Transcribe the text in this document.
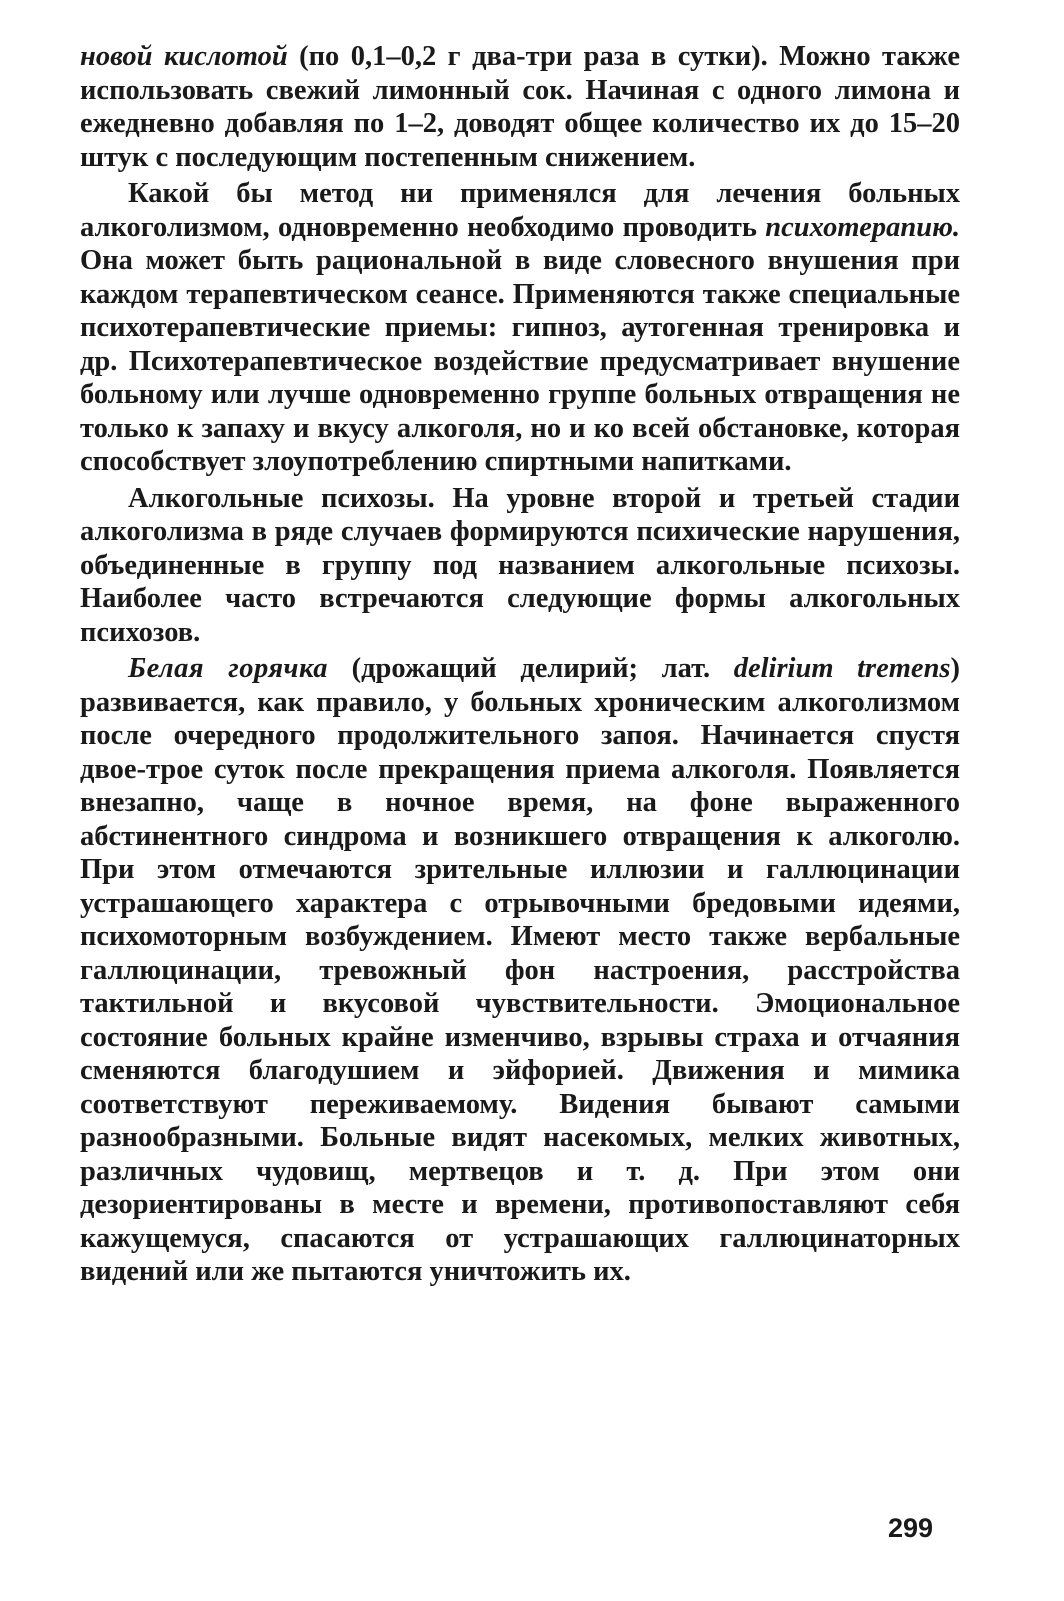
новой кислотой (по 0,1–0,2 г два-три раза в сутки). Можно также использовать свежий лимонный сок. Начиная с одного лимона и ежедневно добавляя по 1–2, доводят общее количество их до 15–20 штук с последующим постепенным снижением.

Какой бы метод ни применялся для лечения больных алкоголизмом, одновременно необходимо проводить психотерапию. Она может быть рациональной в виде словесного внушения при каждом терапевтическом сеансе. Применяются также специальные психотерапевтические приемы: гипноз, аутогенная тренировка и др. Психотерапевтическое воздействие предусматривает внушение больному или лучше одновременно группе больных отвращения не только к запаху и вкусу алкоголя, но и ко всей обстановке, которая способствует злоупотреблению спиртными напитками.

Алкогольные психозы. На уровне второй и третьей стадии алкоголизма в ряде случаев формируются психические нарушения, объединенные в группу под названием алкогольные психозы. Наиболее часто встречаются следующие формы алкогольных психозов.

Белая горячка (дрожащий делирий; лат. delirium tremens) развивается, как правило, у больных хроническим алкоголизмом после очередного продолжительного запоя. Начинается спустя двое-трое суток после прекращения приема алкоголя. Появляется внезапно, чаще в ночное время, на фоне выраженного абстинентного синдрома и возникшего отвращения к алкоголю. При этом отмечаются зрительные иллюзии и галлюцинации устрашающего характера с отрывочными бредовыми идеями, психомоторным возбуждением. Имеют место также вербальные галлюцинации, тревожный фон настроения, расстройства тактильной и вкусовой чувствительности. Эмоциональное состояние больных крайне изменчиво, взрывы страха и отчаяния сменяются благодушием и эйфорией. Движения и мимика соответствуют переживаемому. Видения бывают самыми разнообразными. Больные видят насекомых, мелких животных, различных чудовищ, мертвецов и т. д. При этом они дезориентированы в месте и времени, противопоставляют себя кажущемуся, спасаются от устрашающих галлюцинаторных видений или же пытаются уничтожить их.

299
